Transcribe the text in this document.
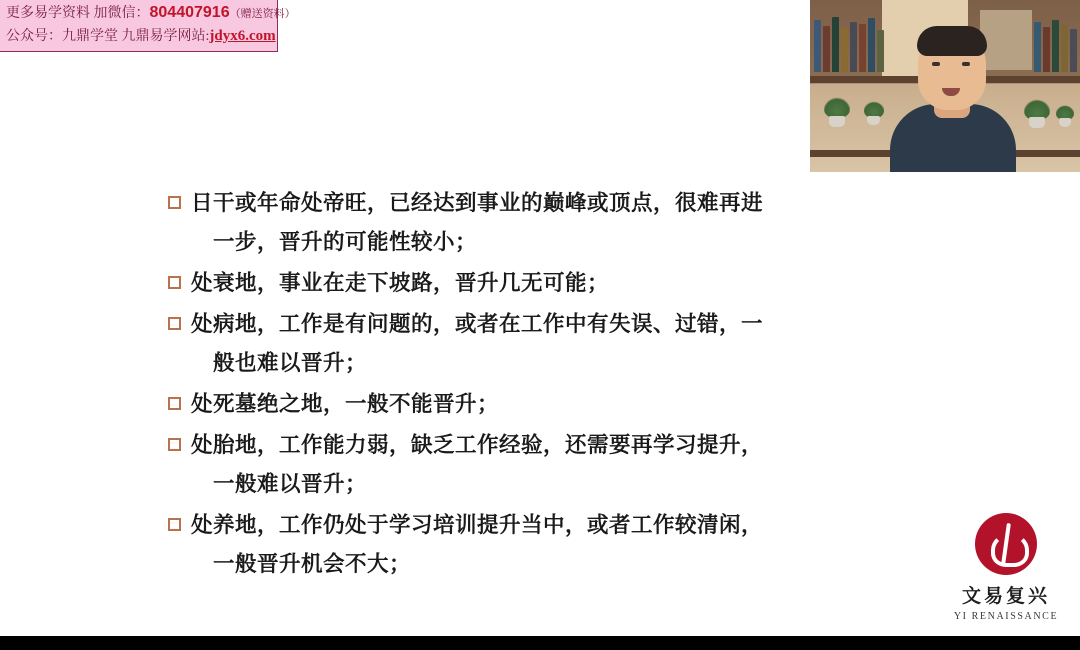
更多易学资料 加微信：804407916（赠送资料）
公众号：九鼎学堂 九鼎易学网站:jdyx6.com
日干或年命处帝旺，已经达到事业的巅峰或顶点，很难再进
一步，晋升的可能性较小；
处衰地，事业在走下坡路，晋升几无可能；
处病地，工作是有问题的，或者在工作中有失误、过错，一
般也难以晋升；
处死墓绝之地，一般不能晋升；
处胎地，工作能力弱，缺乏工作经验，还需要再学习提升，
一般难以晋升；
处养地，工作仍处于学习培训提升当中，或者工作较清闲，
一般晋升机会不大；
文易复兴
YI RENAISSANCE
